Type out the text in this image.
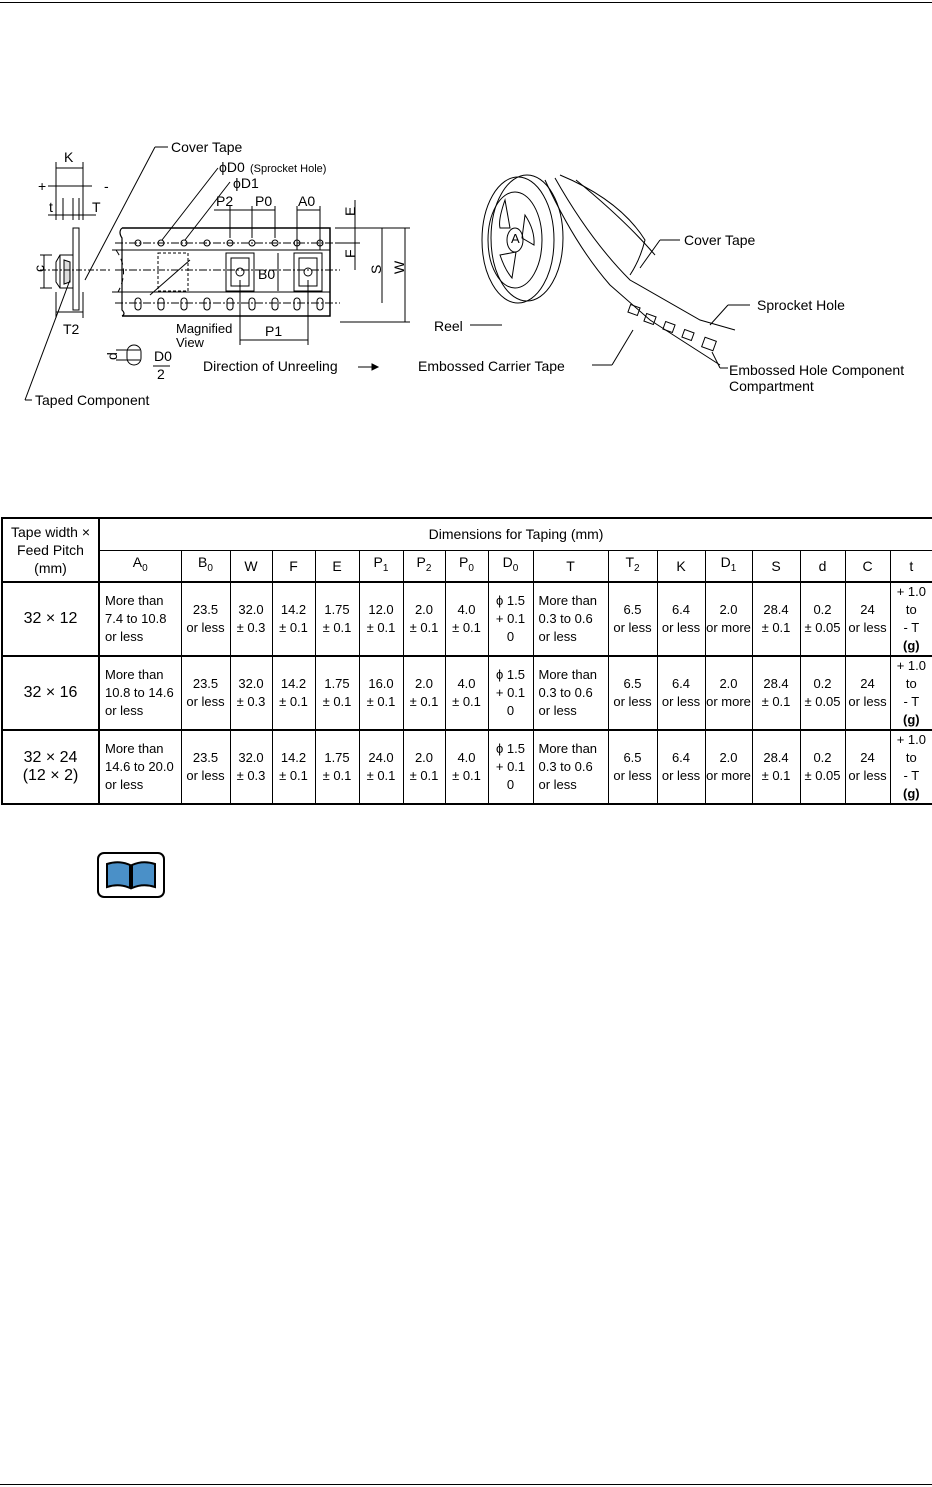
Cover Tape
ϕD0 (Sprocket Hole)
ϕD1
K
+	-
t	T
c
T2
P2 P0 A0
E
F
S W
B0
P1
Magnified
View
d D0
2	Direction of Unreeling
Taped Component
A	Cover Tape
Sprocket Hole
Reel
Embossed Carrier Tape	Embossed Hole Component
Compartment
Tape width ×
Feed Pitch
(mm)	Dimensions for Taping (mm)																
	$A_0$	$B_0$	W	F	E	$P_1$	$P_2$	$P_0$	$D_0$	T	$T_2$	K	$D_1$	S	d	C	t

32 × 12	More than
7.4 to 10.8
or less	23.5
or less	32.0
± 0.3	14.2
± 0.1	1.75
± 0.1	12.0
± 0.1	2.0
± 0.1	4.0
± 0.1	ϕ 1.5
+ 0.1
0	More than
0.3 to 0.6
or less	6.5
or less	6.4
or less	2.0
or more	28.4
± 0.1	0.2
± 0.05	24
or less	+ 1.0
to
- T
(g)

32 × 16	More than
10.8 to 14.6
or less	23.5
or less	32.0
± 0.3	14.2
± 0.1	1.75
± 0.1	16.0
± 0.1	2.0
± 0.1	4.0
± 0.1	ϕ 1.5
+ 0.1
0	More than
0.3 to 0.6
or less	6.5
or less	6.4
or less	2.0
or more	28.4
± 0.1	0.2
± 0.05	24
or less	+ 1.0
to
- T
(g)

32 × 24
(12 × 2)	More than
14.6 to 20.0
or less	23.5
or less	32.0
± 0.3	14.2
± 0.1	1.75
± 0.1	24.0
± 0.1	2.0
± 0.1	4.0
± 0.1	ϕ 1.5
+ 0.1
0	More than
0.3 to 0.6
or less	6.5
or less	6.4
or less	2.0
or more	28.4
± 0.1	0.2
± 0.05	24
or less	+ 1.0
to
- T
(g)
